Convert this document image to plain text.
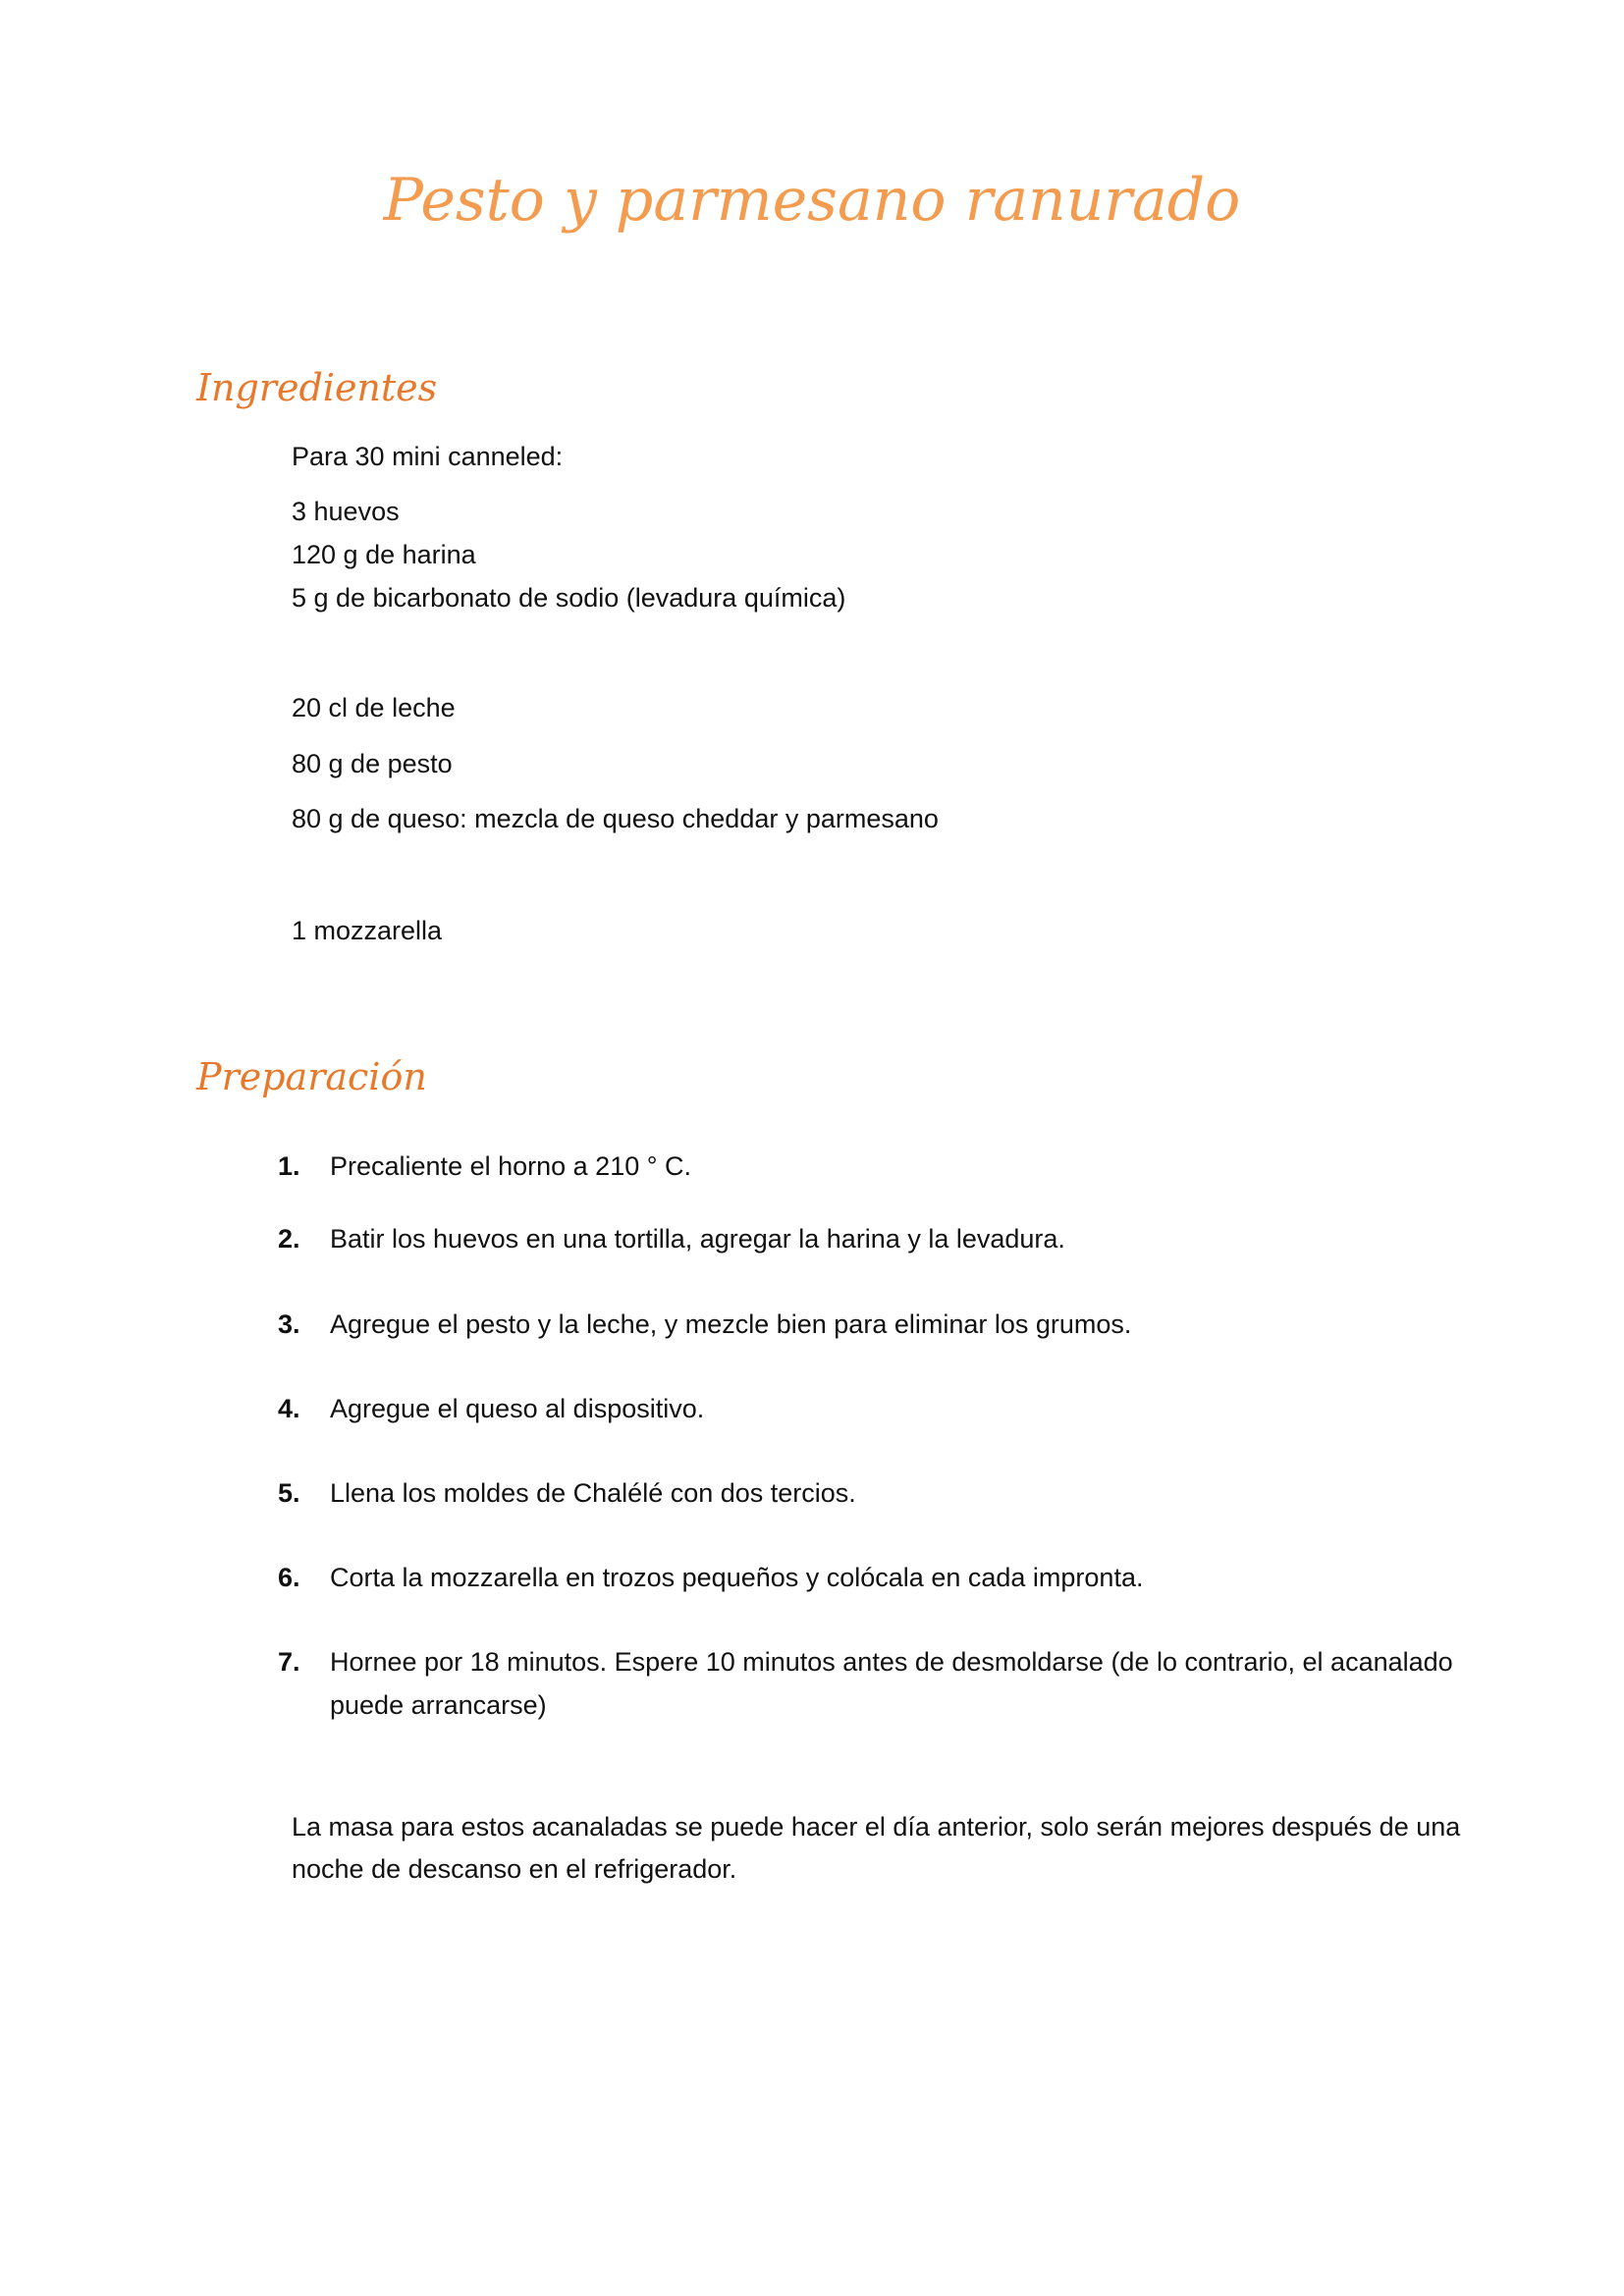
Pesto y parmesano ranurado
Ingredientes
Para 30 mini canneled:
3 huevos
120 g de harina
5 g de bicarbonato de sodio (levadura química)
20 cl de leche
80 g de pesto
80 g de queso: mezcla de queso cheddar y parmesano
1 mozzarella
Preparación
1.	Precaliente el horno a 210 ° C.
2.	Batir los huevos en una tortilla, agregar la harina y la levadura.
3.	Agregue el pesto y la leche, y mezcle bien para eliminar los grumos.
4.	Agregue el queso al dispositivo.
5.	Llena los moldes de Chalélé con dos tercios.
6.	Corta la mozzarella en trozos pequeños y colócala en cada impronta.
7.	Hornee por 18 minutos. Espere 10 minutos antes de desmoldarse (de lo contrario, el acanalado puede arrancarse)
La masa para estos acanaladas se puede hacer el día anterior, solo serán mejores después de una noche de descanso en el refrigerador.
